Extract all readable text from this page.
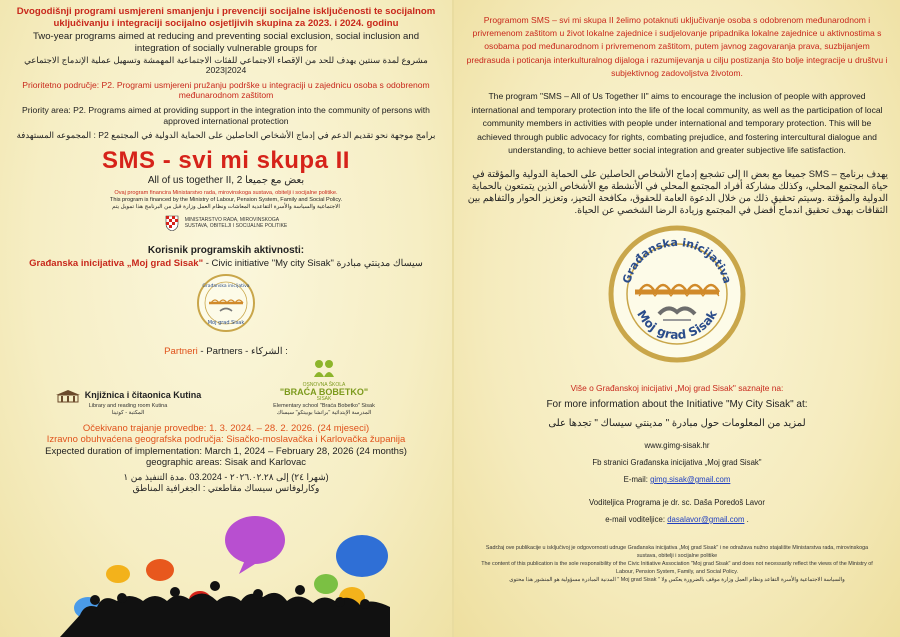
Dvogodišnji programi usmjereni smanjenju i prevenciji socijalne isključenosti te socijalnom uključivanju i integraciji socijalno osjetljivih skupina za 2023. i 2024. godinu

Two-year programs aimed at reducing and preventing social exclusion, social inclusion and integration of socially vulnerable groups for

مشروع لمدة سنتين يهدف للحد من الإقصاء الاجتماعي للفئات الاجتماعية المهمشة وتسهيل عملية الإندماج الاجتماعي 2024|2023

Prioritetno područje: P2. Programi usmjereni pružanju podrške u integraciji u zajednicu osoba s odobrenom međunarodnom zaštitom

Priority area: P2. Programs aimed at providing support in the integration into the community of persons with approved international protection

برامج موجهة نحو تقديم الدعم في إدماج الأشخاص الحاصلين على الحماية الدولية في المجتمع P2 : المجموعه المستهدفة

SMS - svi mi skupa II

All of us together II, 2 بعض مع جميعا

Ovaj program financira Ministarstvo rada, mirovinskoga sustava, obitelji i socijalne politike.

This program is financed by the Ministry of Labour, Pension System, Family and Social Policy.

الاجتماعية والسياسة والأسرة التقاعدية المعاشات ونظام العمل وزارة قبل من البرنامج هذا تمويل يتم

MINISTARSTVO RADA, MIROVINSKOGA
SUSTAVA, OBITELJI I SOCIJALNE POLITIKE

Korisnik programskih aktivnosti:

Građanska inicijativa „Moj grad Sisak" - Civic initiative "My city Sisak" سيساك مدينتي مبادرة

Građanska inicijativa
Moj grad Sisak

Partneri - Partners - الشركاء :

Knjižnica i čitaonica Kutina
Library and reading room Kutina
المكتبة - كوتينا
OSNOVNA ŠKOLA
"BRAĆA BOBETKO"
SISAK
Elementary school "Braća Bobetko" Sisak
المدرسة الإبتدائية "براتشا بوبيتكو" سيساك

Očekivano trajanje provedbe: 1. 3. 2024. – 28. 2. 2026. (24 mjeseci)

Izravno obuhvaćena geografska područja: Sisačko-moslavačka i Karlovačka županija

Expected duration of implementation: March 1, 2024 – February 28, 2026 (24 months)

geographic areas: Sisak and Karlovac

شهرا ٢٤) إلى ٢٠٢٦.٠٢.٢٨ - 03.2024 .مدة التنفيذ من ١)

وكارلوفاتس سيساك مقاطعتي : الجغرافية المناطق

Programom SMS – svi mi skupa II želimo potaknuti uključivanje osoba s odobrenom međunarodnom i privremenom zaštitom u život lokalne zajednice i sudjelovanje pripadnika lokalne zajednice u aktivnostima s osobama pod međunarodnom i privremenom zaštitom, putem javnog zagovaranja prava, suzbijanjem predrasuda i poticanja interkulturalnog dijaloga i razumijevanja u cilju postizanja što bolje integracije u društvu i subjektivnog zadovoljstva životom.

The program "SMS – All of Us Together II" aims to encourage the inclusion of people with approved international and temporary protection into the life of the local community, as well as the participation of local community members in activities with people under international and temporary protection. This will be achieved through public advocacy for rights, combating prejudice, and fostering intercultural dialogue and understanding, to achieve better social integration and greater subjective life satisfaction.

يهدف برنامج – SMS جميعا مع بعض II إلى تشجيع إدماج الأشخاص الحاصلين على الحماية الدولية والمؤقتة في حياة المجتمع المحلي، وكذلك مشاركة أفراد المجتمع المحلي في الأنشطة مع الأشخاص الذين يتمتعون بالحماية الدولية والمؤقتة .وسيتم تحقيق ذلك من خلال الدعوة العامة للحقوق، مكافحة التحيز، وتعزيز الحوار والتفاهم بين الثقافات بهدف تحقيق اندماج أفضل في المجتمع وزيادة الرضا الشخصي عن الحياة.

Građanska inicijativa
Moj grad Sisak

Više o Građanskoj inicijativi „Moj grad Sisak" saznajte na:

For more information about the Initiative "My City Sisak" at:

لمزيد من المعلومات حول مبادرة " مدينتي سيساك " تجدها على

www.gimg-sisak.hr

Fb stranici Građanska inicijativa „Moj grad Sisak"

E-mail: gimg.sisak@gmail.com

Voditeljica Programa je dr. sc. Daša Poredoš Lavor

e-mail voditeljice: dasalavor@gmail.com .

Sadržaj ove publikacije u isključivoj je odgovornosti udruge Građanska inicijativa „Moj grad Sisak" i ne odražava nužno stajalište Ministarstva rada, mirovinskoga sustava, obitelji i socijalne politike
The content of this publication is the sole responsibility of the Civic Initiative Association "Moj grad Sisak" and does not necessarily reflect the views of the Ministry of Labour, Pension System, Family, and Social Policy.
والسياسة الاجتماعية والأسرة التقاعد ونظام العمل وزارة موقف بالضرورة يعكس ولا " Moj grad Sisak " المدنية المبادرة مسؤولية هو المنشور هذا محتوى
